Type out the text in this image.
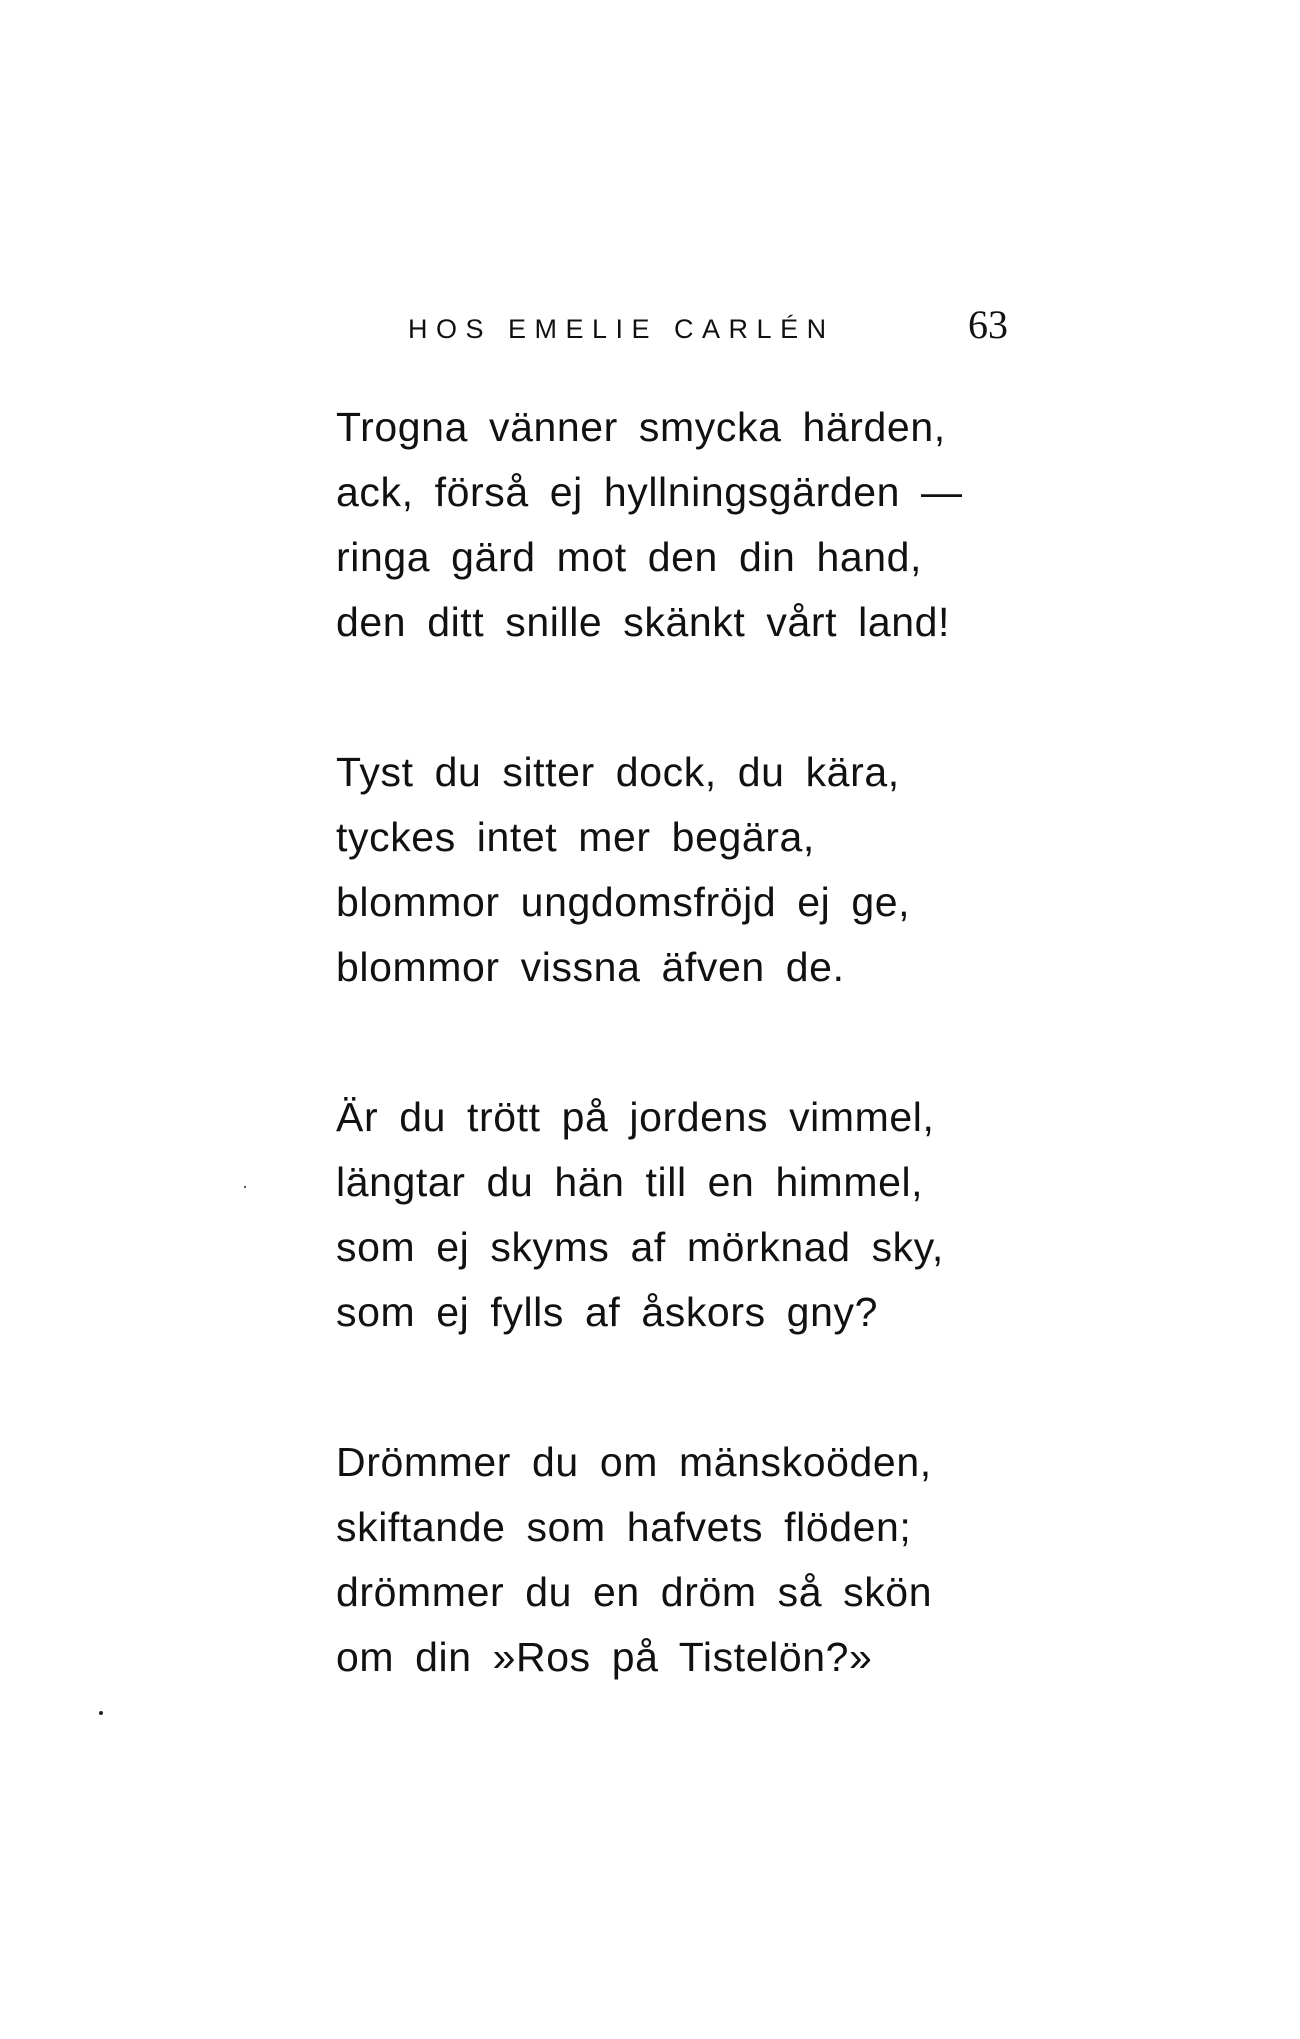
HOS EMELIE CARLÉN	63
Trogna vänner smycka härden,
ack, förså ej hyllningsgärden —
ringa gärd mot den din hand,
den ditt snille skänkt vårt land!
Tyst du sitter dock, du kära,
tyckes intet mer begära,
blommor ungdomsfröjd ej ge,
blommor vissna äfven de.
Är du trött på jordens vimmel,
längtar du hän till en himmel,
som ej skyms af mörknad sky,
som ej fylls af åskors gny?
Drömmer du om mänskoöden,
skiftande som hafvets flöden;
drömmer du en dröm så skön
om din »Ros på Tistelön?»
